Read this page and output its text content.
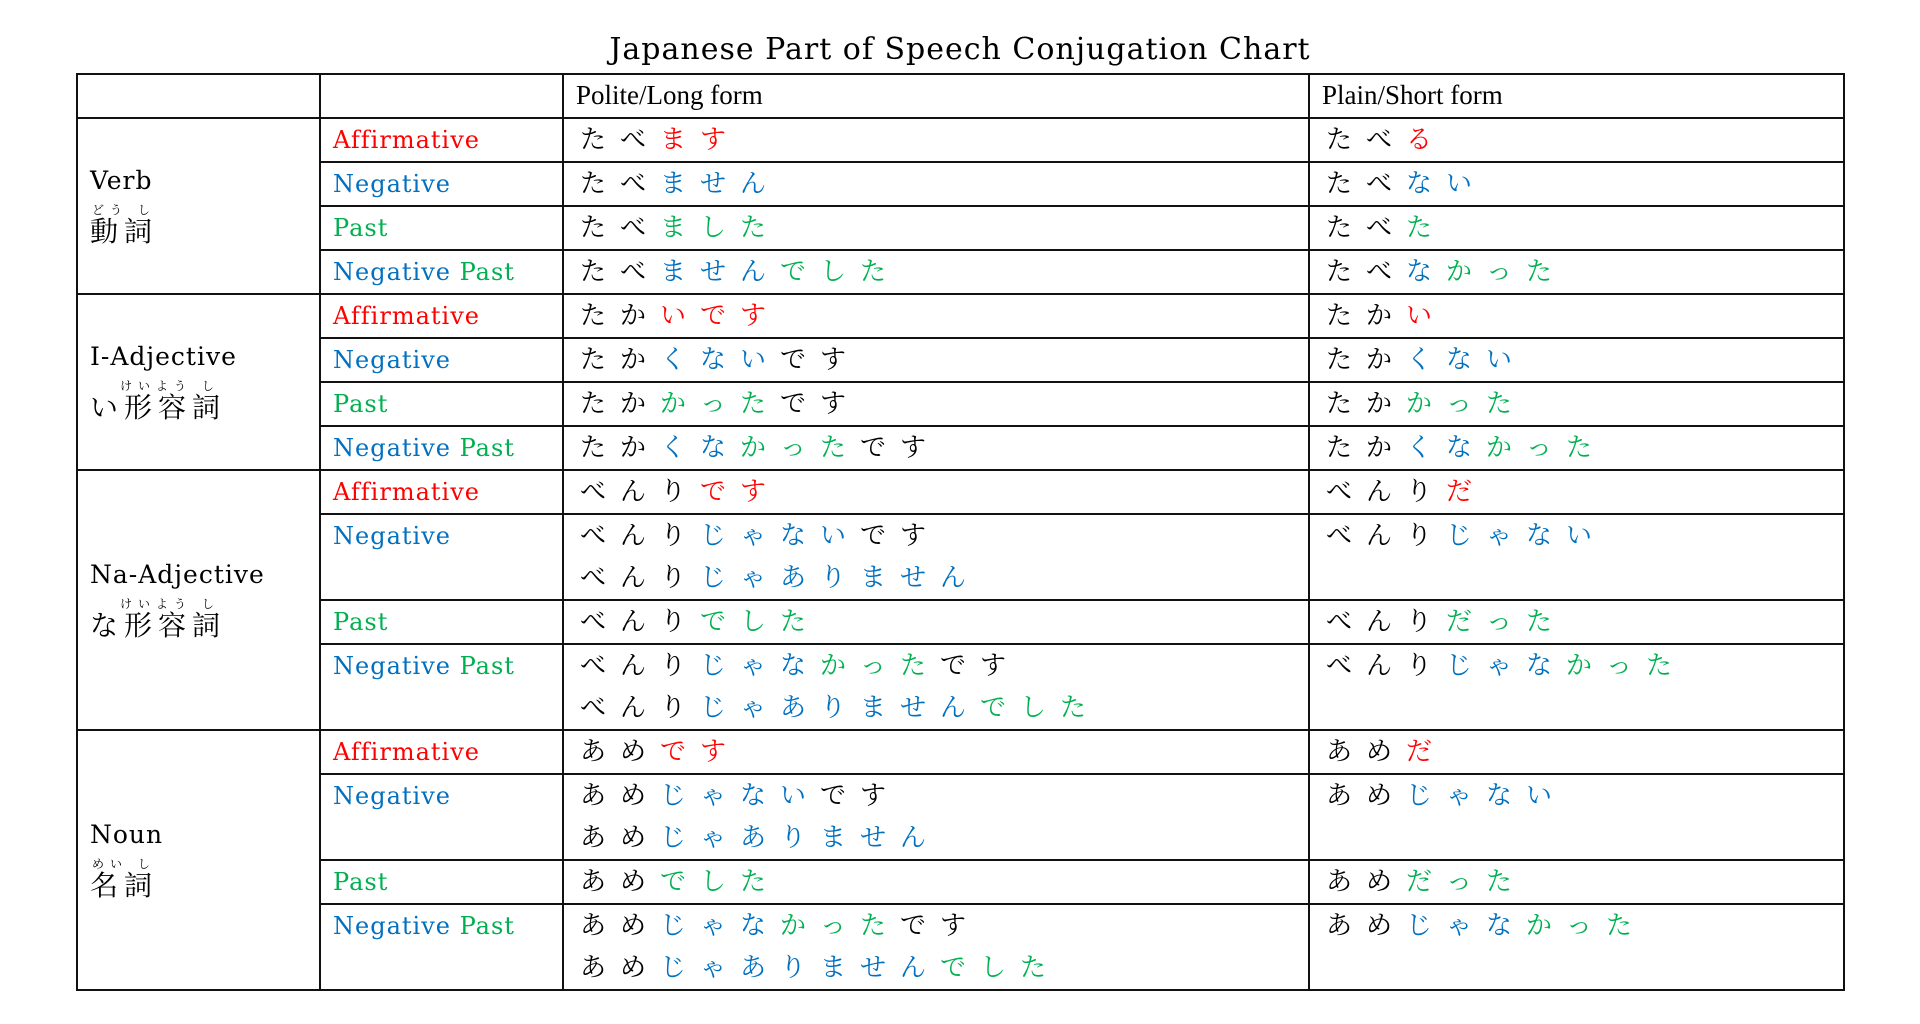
Japanese Part of Speech Conjugation Chart
		Polite/Long form	Plain/Short form

Verb
どう し
動詞	Affirmative	たべます	たべる

	Negative	たべません	たべない

	Past	たべました	たべた

	Negative Past	たべませんでした	たべなかった

I-Adjective
けいよう し
い形容詞	Affirmative	たかいです	たかい

	Negative	たかくないです	たかくない

	Past	たかかったです	たかかった

	Negative Past	たかくなかったです	たかくなかった

Na-Adjective
けいよう し
な形容詞	Affirmative	べんりです	べんりだ

	Negative	べんりじゃないです
べんりじゃありません	べんりじゃない

	Past	べんりでした	べんりだった

	Negative Past	べんりじゃなかったです
べんりじゃありませんでした	べんりじゃなかった

Noun
めい し
名詞	Affirmative	あめです	あめだ

	Negative	あめじゃないです
あめじゃありません	あめじゃない

	Past	あめでした	あめだった

	Negative Past	あめじゃなかったです
あめじゃありませんでした	あめじゃなかった
